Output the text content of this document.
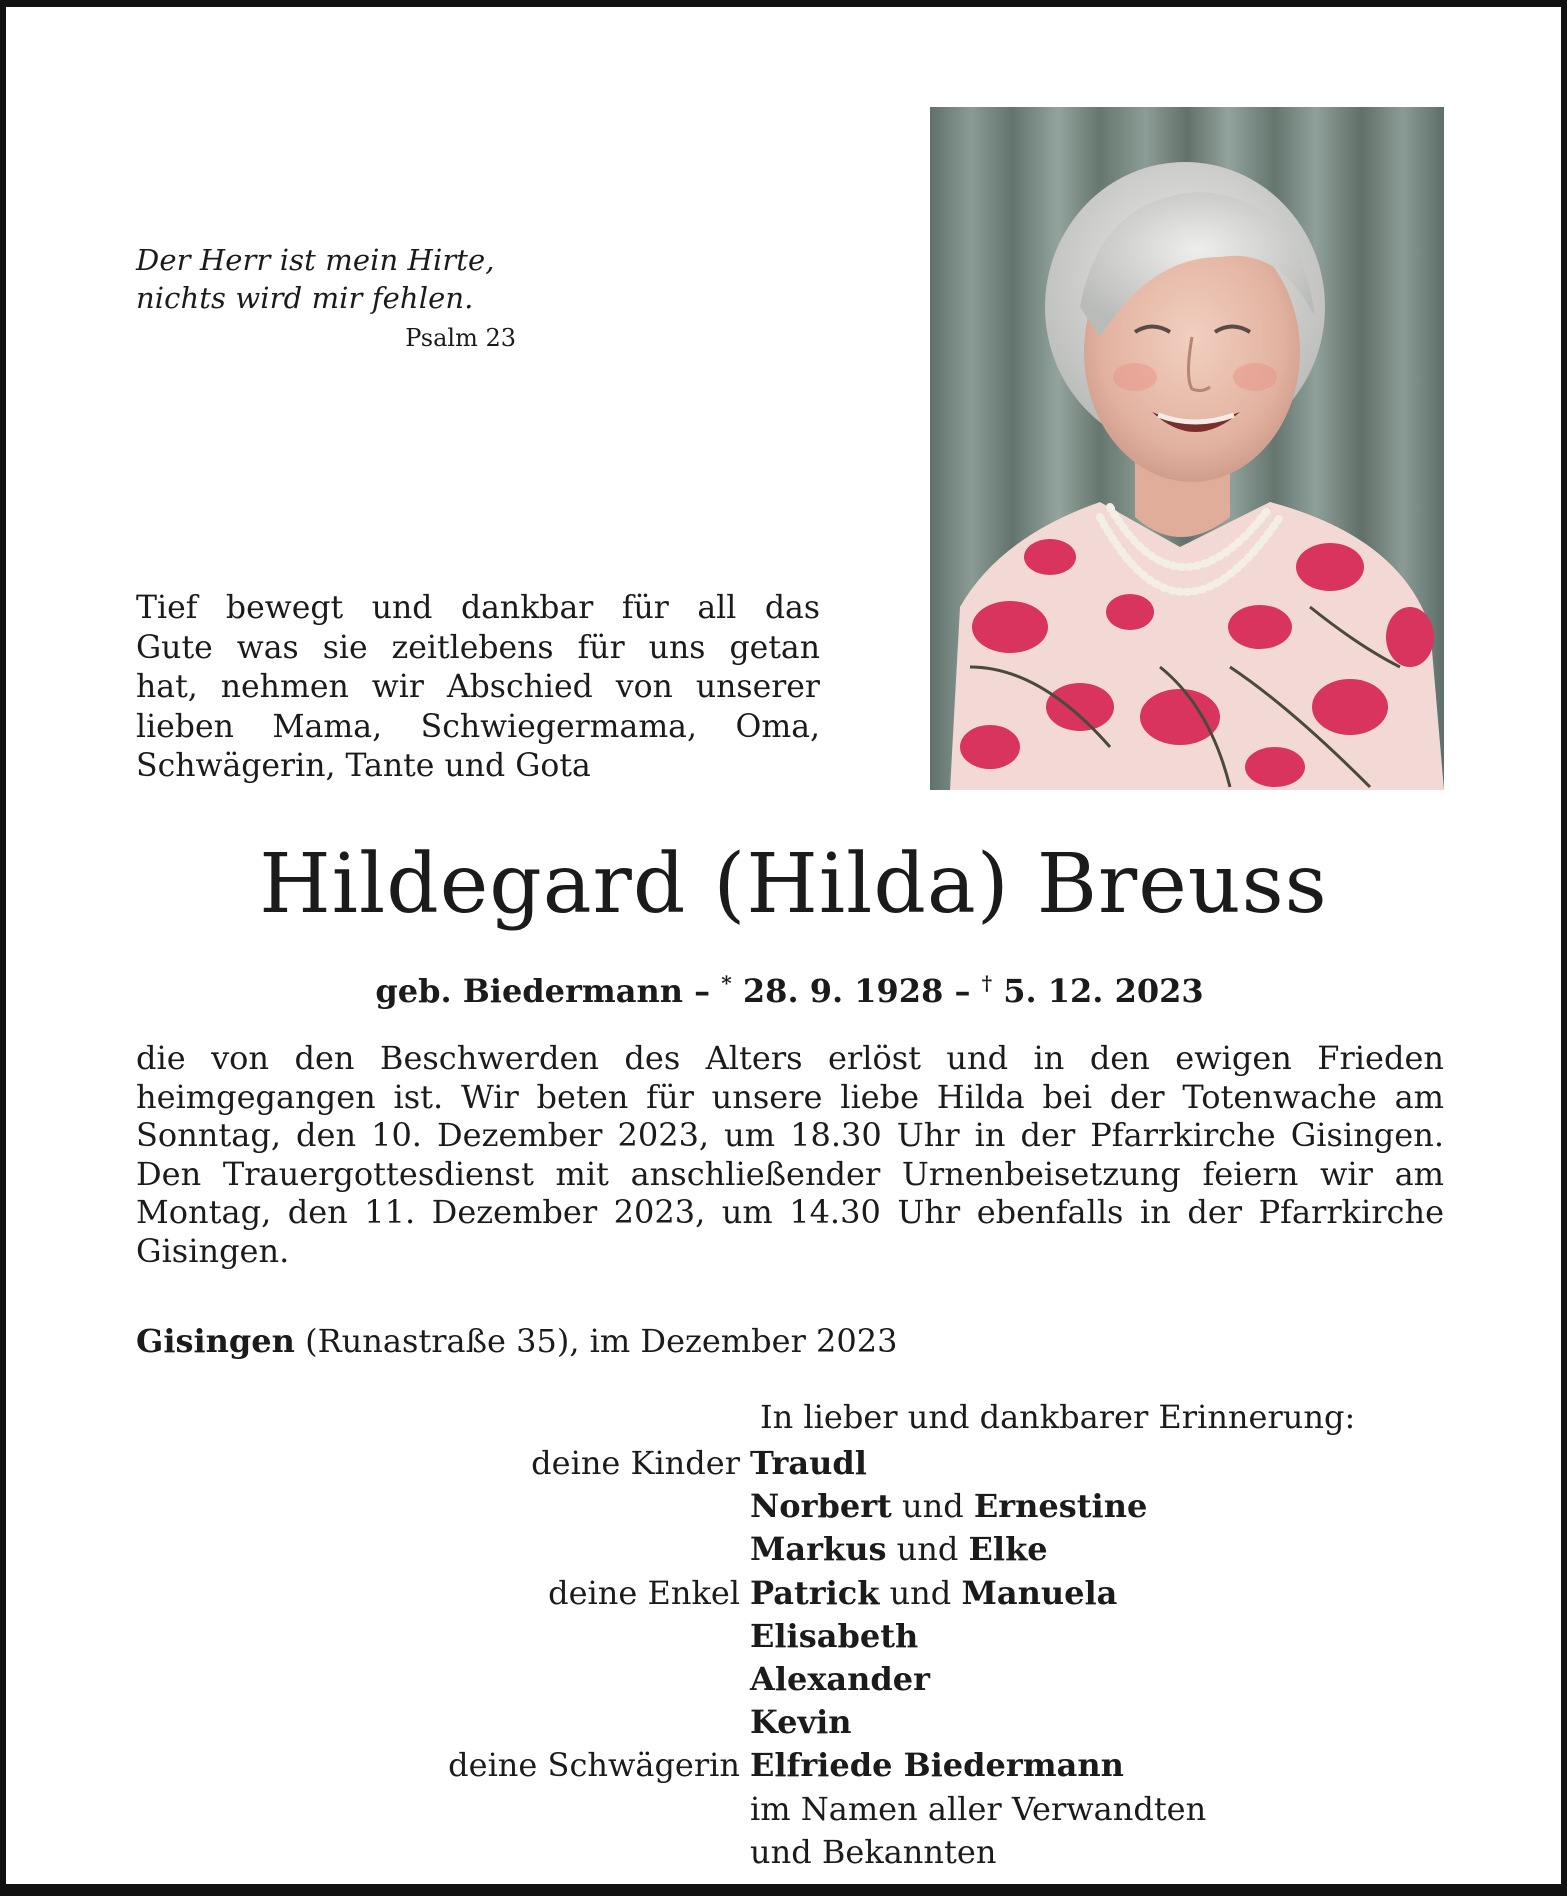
Der Herr ist mein Hirte,
nichts wird mir fehlen.
Psalm 23
Tief bewegt und dankbar für all das
Gute was sie zeitlebens für uns getan
hat, nehmen wir Abschied von unserer
lieben Mama, Schwiegermama, Oma,
Schwägerin, Tante und Gota
Hildegard (Hilda) Breuss
geb. Biedermann – * 28. 9. 1928 – † 5. 12. 2023
die von den Beschwerden des Alters erlöst und in den ewigen Frieden
heimgegangen ist. Wir beten für unsere liebe Hilda bei der Totenwache am
Sonntag, den 10. Dezember 2023, um 18.30 Uhr in der Pfarrkirche Gisingen.
Den Trauergottesdienst mit anschließender Urnenbeisetzung feiern wir am
Montag, den 11. Dezember 2023, um 14.30 Uhr ebenfalls in der Pfarrkirche
Gisingen.
Gisingen (Runastraße 35), im Dezember 2023
In lieber und dankbarer Erinnerung:
deine Kinder Traudl
Norbert und Ernestine
Markus und Elke
deine Enkel Patrick und Manuela
Elisabeth
Alexander
Kevin
deine Schwägerin Elfriede Biedermann
im Namen aller Verwandten
und Bekannten
